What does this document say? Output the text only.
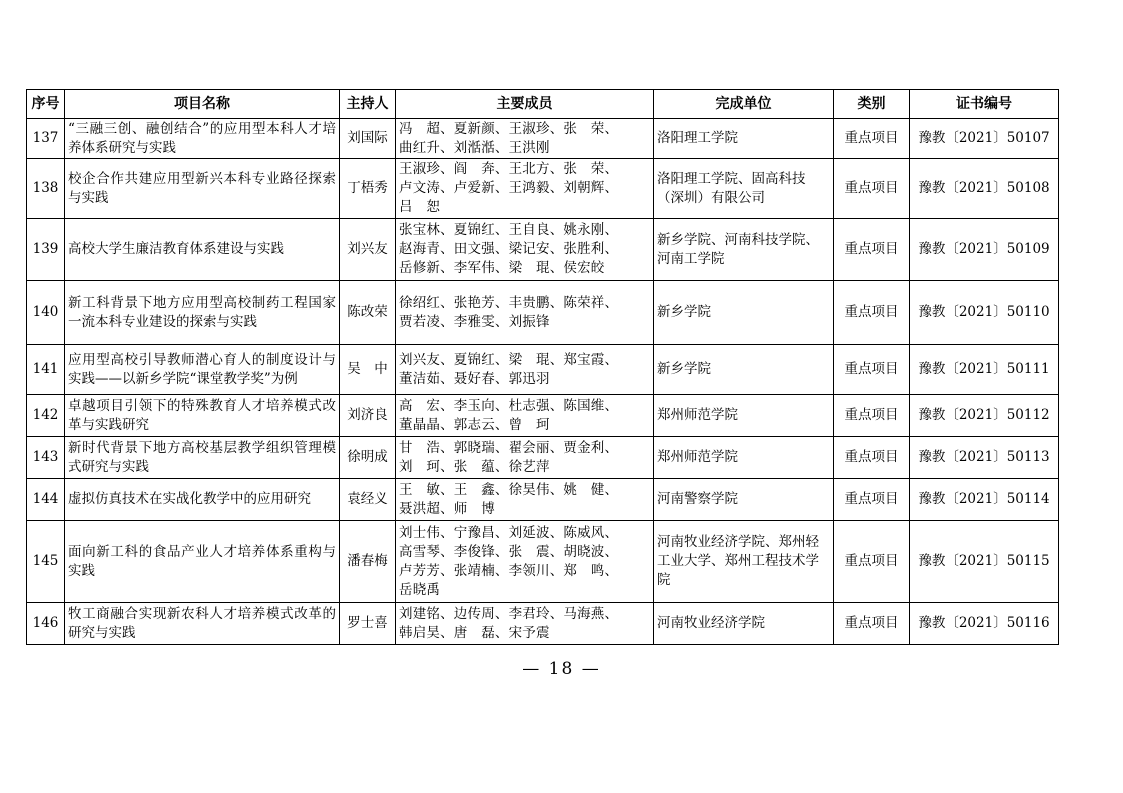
序号	项目名称	主持人	主要成员	完成单位	类别	证书编号
137	“三融三创、融创结合”的应用型本科人才培养体系研究与实践	刘国际	冯　超、夏新颜、王淑珍、张　荣、
曲红升、刘湉湉、王洪刚	洛阳理工学院	重点项目	豫教〔2021〕50107
138	校企合作共建应用型新兴本科专业路径探索与实践	丁梧秀	王淑珍、阎　奔、王北方、张　荣、
卢文涛、卢爱新、王鸿毅、刘朝辉、
吕　恕	洛阳理工学院、固高科技（深圳）有限公司	重点项目	豫教〔2021〕50108
139	高校大学生廉洁教育体系建设与实践	刘兴友	张宝林、夏锦红、王自良、姚永刚、
赵海青、田文强、梁记安、张胜利、
岳修新、李军伟、梁　琨、侯宏皎	新乡学院、河南科技学院、河南工学院	重点项目	豫教〔2021〕50109
140	新工科背景下地方应用型高校制药工程国家一流本科专业建设的探索与实践	陈改荣	徐绍红、张艳芳、丰贵鹏、陈荣祥、
贾若凌、李雅雯、刘振锋	新乡学院	重点项目	豫教〔2021〕50110
141	应用型高校引导教师潜心育人的制度设计与实践——以新乡学院“课堂教学奖”为例	吴　中	刘兴友、夏锦红、梁　琨、郑宝霞、
董洁茹、聂好春、郭迅羽	新乡学院	重点项目	豫教〔2021〕50111
142	卓越项目引领下的特殊教育人才培养模式改革与实践研究	刘济良	高　宏、李玉向、杜志强、陈国维、
董晶晶、郭志云、曾　珂	郑州师范学院	重点项目	豫教〔2021〕50112
143	新时代背景下地方高校基层教学组织管理模式研究与实践	徐明成	甘　浩、郭晓瑞、翟会丽、贾金利、
刘　珂、张　蕴、徐艺萍	郑州师范学院	重点项目	豫教〔2021〕50113
144	虚拟仿真技术在实战化教学中的应用研究	袁经义	王　敏、王　鑫、徐昊伟、姚　健、
聂洪超、师　博	河南警察学院	重点项目	豫教〔2021〕50114
145	面向新工科的食品产业人才培养体系重构与实践	潘春梅	刘士伟、宁豫昌、刘延波、陈威风、
高雪琴、李俊锋、张　震、胡晓波、
卢芳芳、张靖楠、李领川、郑　鸣、
岳晓禹	河南牧业经济学院、郑州轻工业大学、郑州工程技术学院	重点项目	豫教〔2021〕50115
146	牧工商融合实现新农科人才培养模式改革的研究与实践	罗士喜	刘建铭、边传周、李君玲、马海燕、
韩启昊、唐　磊、宋予震	河南牧业经济学院	重点项目	豫教〔2021〕50116
— 18 —
